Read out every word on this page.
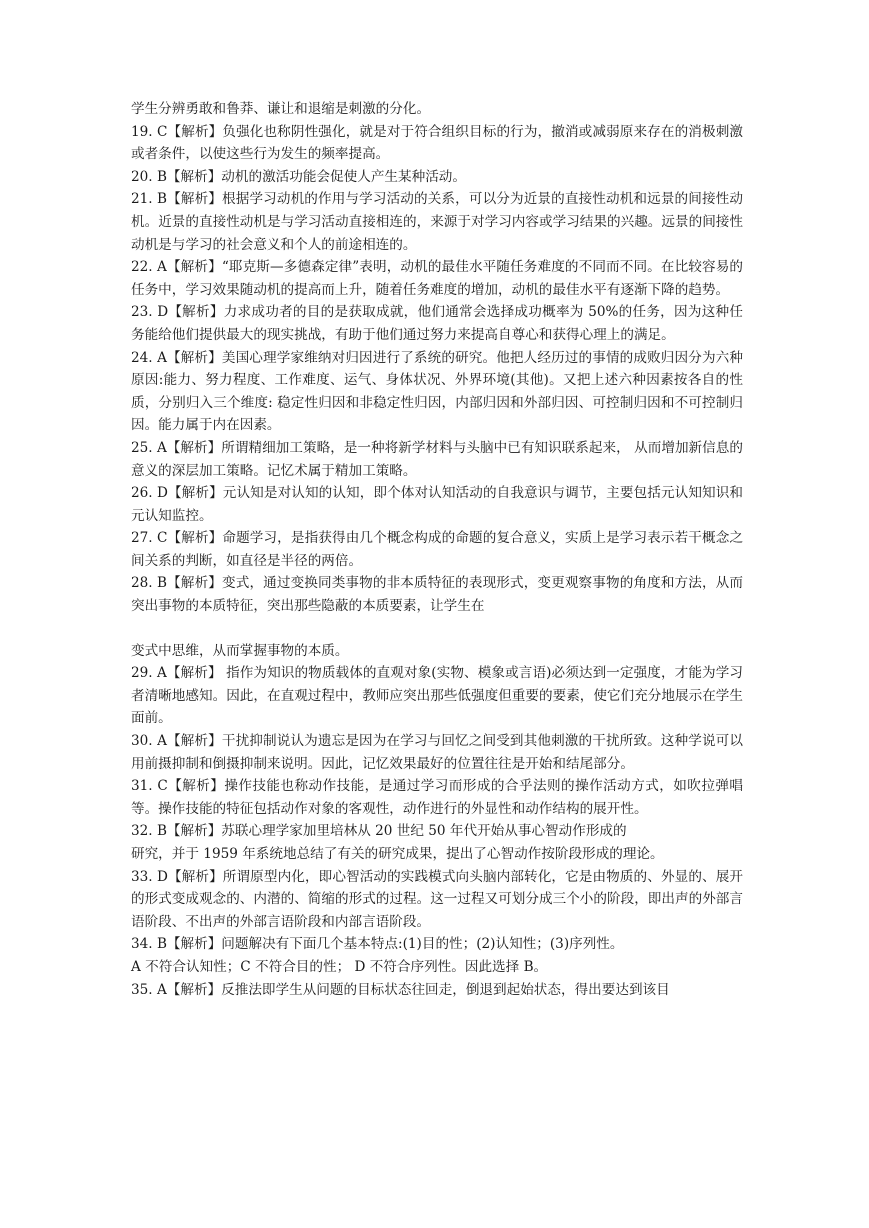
学生分辨勇敢和鲁莽、谦让和退缩是刺激的分化。

19. C【解析】负强化也称阴性强化，就是对于符合组织目标的行为，撤消或减弱原来存在的消极刺激或者条件，以使这些行为发生的频率提高。

20. B【解析】动机的激活功能会促使人产生某种活动。

21. B【解析】根据学习动机的作用与学习活动的关系，可以分为近景的直接性动机和远景的间接性动机。近景的直接性动机是与学习活动直接相连的，来源于对学习内容或学习结果的兴趣。远景的间接性动机是与学习的社会意义和个人的前途相连的。

22. A【解析】“耶克斯—多德森定律”表明，动机的最佳水平随任务难度的不同而不同。在比较容易的任务中，学习效果随动机的提高而上升，随着任务难度的增加，动机的最佳水平有逐渐下降的趋势。

23. D【解析】力求成功者的目的是获取成就，他们通常会选择成功概率为 50%的任务，因为这种任务能给他们提供最大的现实挑战，有助于他们通过努力来提高自尊心和获得心理上的满足。

24. A【解析】美国心理学家维纳对归因进行了系统的研究。他把人经历过的事情的成败归因分为六种原因:能力、努力程度、工作难度、运气、身体状况、外界环境(其他)。又把上述六种因素按各自的性质，分别归入三个维度: 稳定性归因和非稳定性归因，内部归因和外部归因、可控制归因和不可控制归因。能力属于内在因素。

25. A【解析】所谓精细加工策略，是一种将新学材料与头脑中已有知识联系起来， 从而增加新信息的意义的深层加工策略。记忆术属于精加工策略。

26. D【解析】元认知是对认知的认知，即个体对认知活动的自我意识与调节，主要包括元认知知识和元认知监控。

27. C【解析】命题学习，是指获得由几个概念构成的命题的复合意义，实质上是学习表示若干概念之间关系的判断，如直径是半径的两倍。

28. B【解析】变式，通过变换同类事物的非本质特征的表现形式，变更观察事物的角度和方法，从而突出事物的本质特征，突出那些隐蔽的本质要素，让学生在

变式中思维，从而掌握事物的本质。

29. A【解析】 指作为知识的物质载体的直观对象(实物、模象或言语)必须达到一定强度，才能为学习者清晰地感知。因此，在直观过程中，教师应突出那些低强度但重要的要素，使它们充分地展示在学生面前。

30. A【解析】干扰抑制说认为遗忘是因为在学习与回忆之间受到其他刺激的干扰所致。这种学说可以用前摄抑制和倒摄抑制来说明。因此，记忆效果最好的位置往往是开始和结尾部分。

31. C【解析】操作技能也称动作技能，是通过学习而形成的合乎法则的操作活动方式，如吹拉弹唱等。操作技能的特征包括动作对象的客观性，动作进行的外显性和动作结构的展开性。

32. B【解析】苏联心理学家加里培林从 20 世纪 50 年代开始从事心智动作形成的

研究，并于 1959 年系统地总结了有关的研究成果，提出了心智动作按阶段形成的理论。

33. D【解析】所谓原型内化，即心智活动的实践模式向头脑内部转化，它是由物质的、外显的、展开的形式变成观念的、内潜的、简缩的形式的过程。这一过程又可划分成三个小的阶段，即出声的外部言语阶段、不出声的外部言语阶段和内部言语阶段。

34. B【解析】问题解决有下面几个基本特点:(1)目的性；(2)认知性；(3)序列性。

A 不符合认知性；C 不符合目的性； D 不符合序列性。因此选择 B。

35. A【解析】反推法即学生从问题的目标状态往回走，倒退到起始状态，得出要达到该目
